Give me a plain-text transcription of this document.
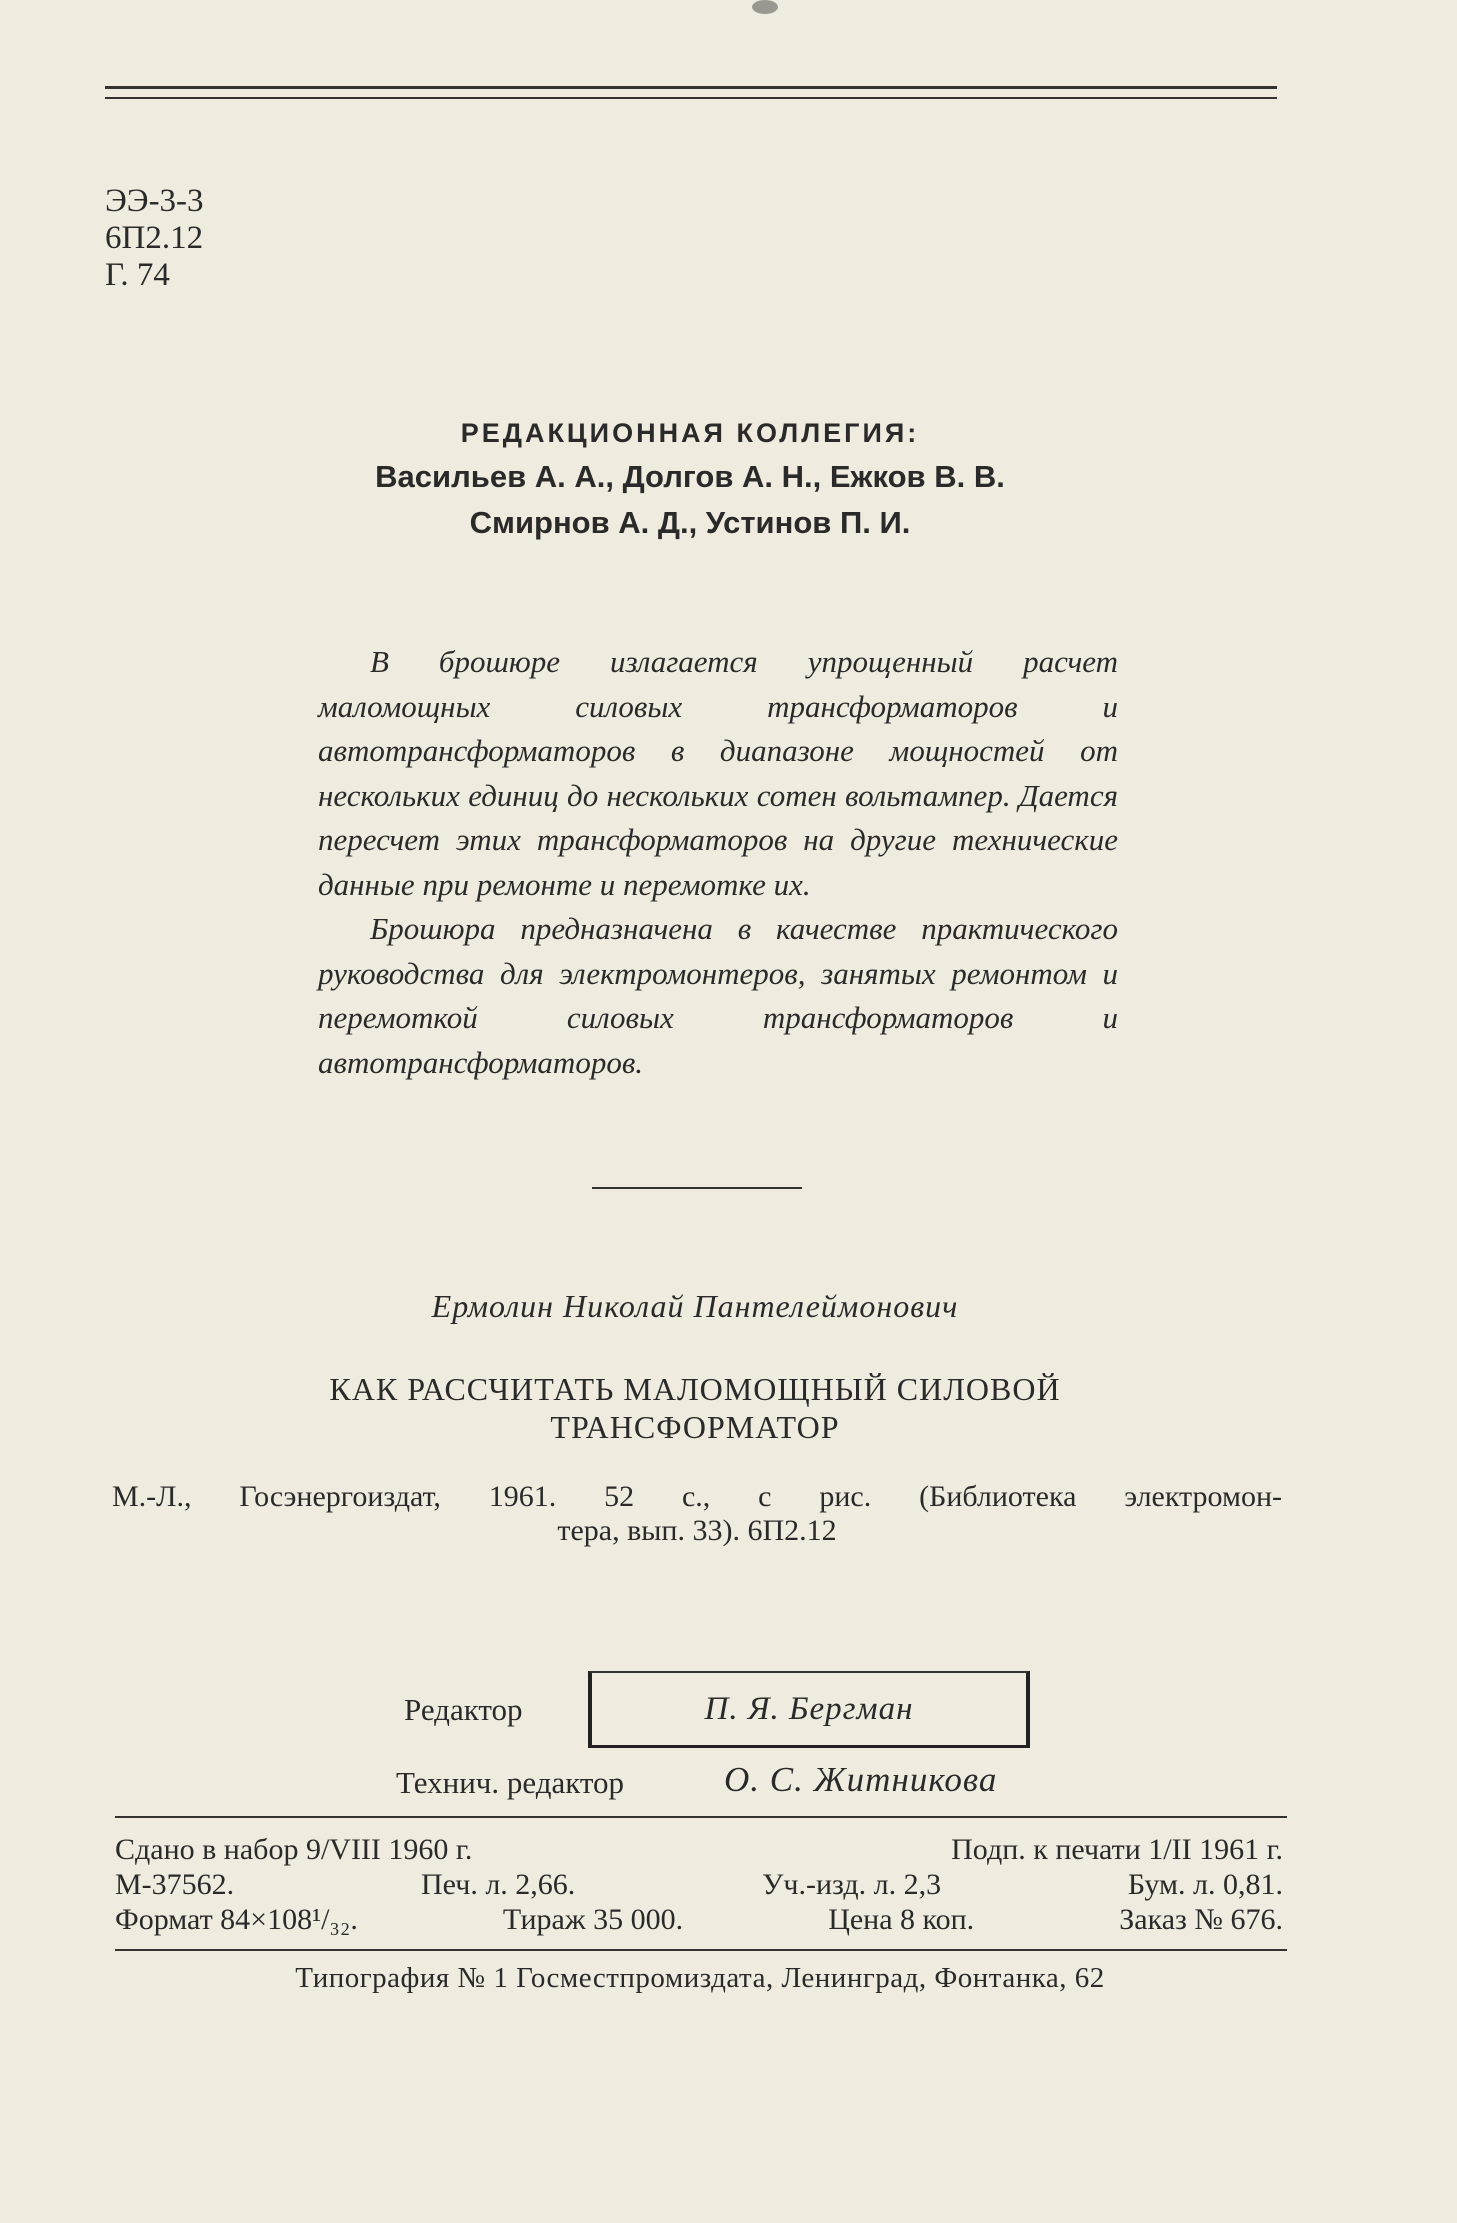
ЭЭ-3-3
6П2.12
Г. 74
РЕДАКЦИОННАЯ КОЛЛЕГИЯ:
Васильев А. А., Долгов А. Н., Ежков В. В.
Смирнов А. Д., Устинов П. И.

В брошюре излагается упрощенный расчет маломощных силовых трансформаторов и автотрансформаторов в диапазоне мощностей от нескольких единиц до нескольких сотен вольтампер. Дается пересчет этих трансформаторов на другие технические данные при ремонте и перемотке их.

Брошюра предназначена в качестве практического руководства для электромонтеров, занятых ремонтом и перемоткой силовых трансформаторов и автотрансформаторов.

Ермолин Николай Пантелеймонович
КАК РАССЧИТАТЬ МАЛОМОЩНЫЙ СИЛОВОЙ
ТРАНСФОРМАТОР
М.-Л., Госэнергоиздат, 1961. 52 с., с рис. (Библиотека электромон-
тера, вып. 33). 6П2.12
Редактор	П. Я. Бергман
Технич. редактор	О. С. Житникова
Сдано в набор 9/VIII 1960 г.	Подп. к печати 1/II 1961 г.
М-37562.	Печ. л. 2,66.	Уч.-изд. л. 2,3	Бум. л. 0,81.
Формат 84×108¹/₃₂.	Тираж 35 000.	Цена 8 коп.	Заказ № 676.
Типография № 1 Госместпромиздата, Ленинград, Фонтанка, 62
